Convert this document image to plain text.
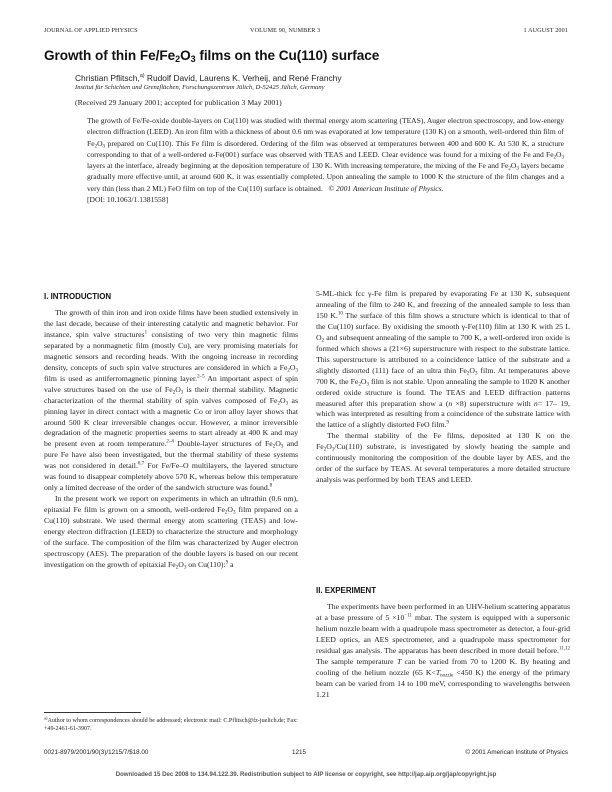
JOURNAL OF APPLIED PHYSICS	VOLUME 90, NUMBER 3	1 AUGUST 2001
Growth of thin $Fe/Fe_2O_3$ films on the Cu(110) surface
Christian Pflitsch,$^{a)}$ Rudolf David, Laurens K. Verheij, and René Franchy
Institut für Schichten und Grenzflächen, Forschungszentrum Jülich, D-52425 Jülich, Germany
(Received 29 January 2001; accepted for publication 3 May 2001)

The growth of Fe/Fe-oxide double-layers on Cu(110) was studied with thermal energy atom scattering (TEAS), Auger electron spectroscopy, and low-energy electron diffraction (LEED). An iron film with a thickness of about 0.6 nm was evaporated at low temperature (130 K) on a smooth, well-ordered thin film of $Fe_2O_3$ prepared on Cu(110). This Fe film is disordered. Ordering of the film was observed at temperatures between 400 and 600 K. At 530 K, a structure corresponding to that of a well-ordered α-Fe(001) surface was observed with TEAS and LEED. Clear evidence was found for a mixing of the Fe and $Fe_2O_3$ layers at the interface, already beginning at the deposition temperature of 130 K. With increasing temperature, the mixing of the Fe and $Fe_2O_3$ layers became gradually more effective until, at around 600 K, it was essentially completed. Upon annealing the sample to 1000 K the structure of the film changes and a very thin (less than 2 ML) FeO film on top of the Cu(110) surface is obtained. © 2001 American Institute of Physics.

[DOI: 10.1063/1.1381558]

I. INTRODUCTION

The growth of thin iron and iron oxide films have been studied extensively in the last decade, because of their interesting catalytic and magnetic behavior. For instance, spin valve structures$^1$ consisting of two very thin magnetic films separated by a nonmagnetic film (mostly Cu), are very promising materials for magnetic sensors and recording heads. With the ongoing increase in recording density, concepts of such spin valve structures are considered in which a $Fe_2O_3$ film is used as antiferromagnetic pinning layer.$^{2-5}$ An important aspect of spin valve structures based on the use of $Fe_2O_3$ is their thermal stability. Magnetic characterization of the thermal stability of spin valves composed of $Fe_2O_3$ as pinning layer in direct contact with a magnetic Co or iron alloy layer shows that around 500 K clear irreversible changes occur. However, a minor irreversible degradation of the magnetic properties seems to start already at 400 K and may be present even at room temperature.$^{2-4}$ Double-layer structures of $Fe_2O_3$ and pure Fe have also been investigated, but the thermal stability of these systems was not considered in detail.$^{6,7}$ For Fe/Fe–O multilayers, the layered structure was found to disappear completely above 570 K, whereas below this temperature only a limited decrease of the order of the sandwich structure was found.$^8$

In the present work we report on experiments in which an ultrathin (0.6 nm), epitaxial Fe film is grown on a smooth, well-ordered $Fe_2O_3$ film prepared on a Cu(110) substrate. We used thermal energy atom scattering (TEAS) and low-energy electron diffraction (LEED) to characterize the structure and morphology of the surface. The composition of the film was characterized by Auger electron spectroscopy (AES). The preparation of the double layers is based on our recent investigation on the growth of epitaxial $Fe_2O_3$ on Cu(110):$^9$ a

$^{a)}$Author to whom correspondences should be addressed; electronic mail: C.Pflitsch@fz-juelich.de; Fax: +49-2461-61-3907.

5-ML-thick fcc γ-Fe film is prepared by evaporating Fe at 130 K, subsequent annealing of the film to 240 K, and freezing of the annealed sample to less than 150 K.$^{10}$ The surface of this film shows a structure which is identical to that of the Cu(110) surface. By oxidising the smooth γ-Fe(110) film at 130 K with 25 L $O_2$ and subsequent annealing of the sample to 700 K, a well-ordered iron oxide is formed which shows a (21×6) superstructure with respect to the substrate lattice. This superstructure is attributed to a coincidence lattice of the substrate and a slightly distorted (111) face of an ultra thin $Fe_2O_3$ film. At temperatures above 700 K, the $Fe_2O_3$ film is not stable. Upon annealing the sample to 1020 K another ordered oxide structure is found. The TEAS and LEED diffraction patterns measured after this preparation show a (n ×8) superstructure with n= 17– 19, which was interpreted as resulting from a coincidence of the substrate lattice with the lattice of a slightly distorted FeO film.$^9$

The thermal stability of the Fe films, deposited at 130 K on the $Fe_2O_3/Cu(110)$ substrate, is investigated by slowly heating the sample and continuously monitoring the composition of the double layer by AES, and the order of the surface by TEAS. At several temperatures a more detailed structure analysis was performed by both TEAS and LEED.

II. EXPERIMENT

The experiments have been performed in an UHV-helium scattering apparatus at a base pressure of $5 \times 10^{-11}$ mbar. The system is equipped with a supersonic helium nozzle beam with a quadrupole mass spectrometer as detector, a four-grid LEED optics, an AES spectrometer, and a quadrupole mass spectrometer for residual gas analysis. The apparatus has been described in more detail before.$^{11,12}$ The sample temperature T can be varied from 70 to 1200 K. By heating and cooling of the helium nozzle (65 $K<T_{nozzle} <450$ K) the energy of the primary beam can be varied from 14 to 100 meV, corresponding to wavelengths between 1.21

0021-8979/2001/90(3)/1215/7/$18.00	1215	© 2001 American Institute of Physics
Downloaded 15 Dec 2008 to 134.94.122.39. Redistribution subject to AIP license or copyright, see http://jap.aip.org/jap/copyright.jsp
